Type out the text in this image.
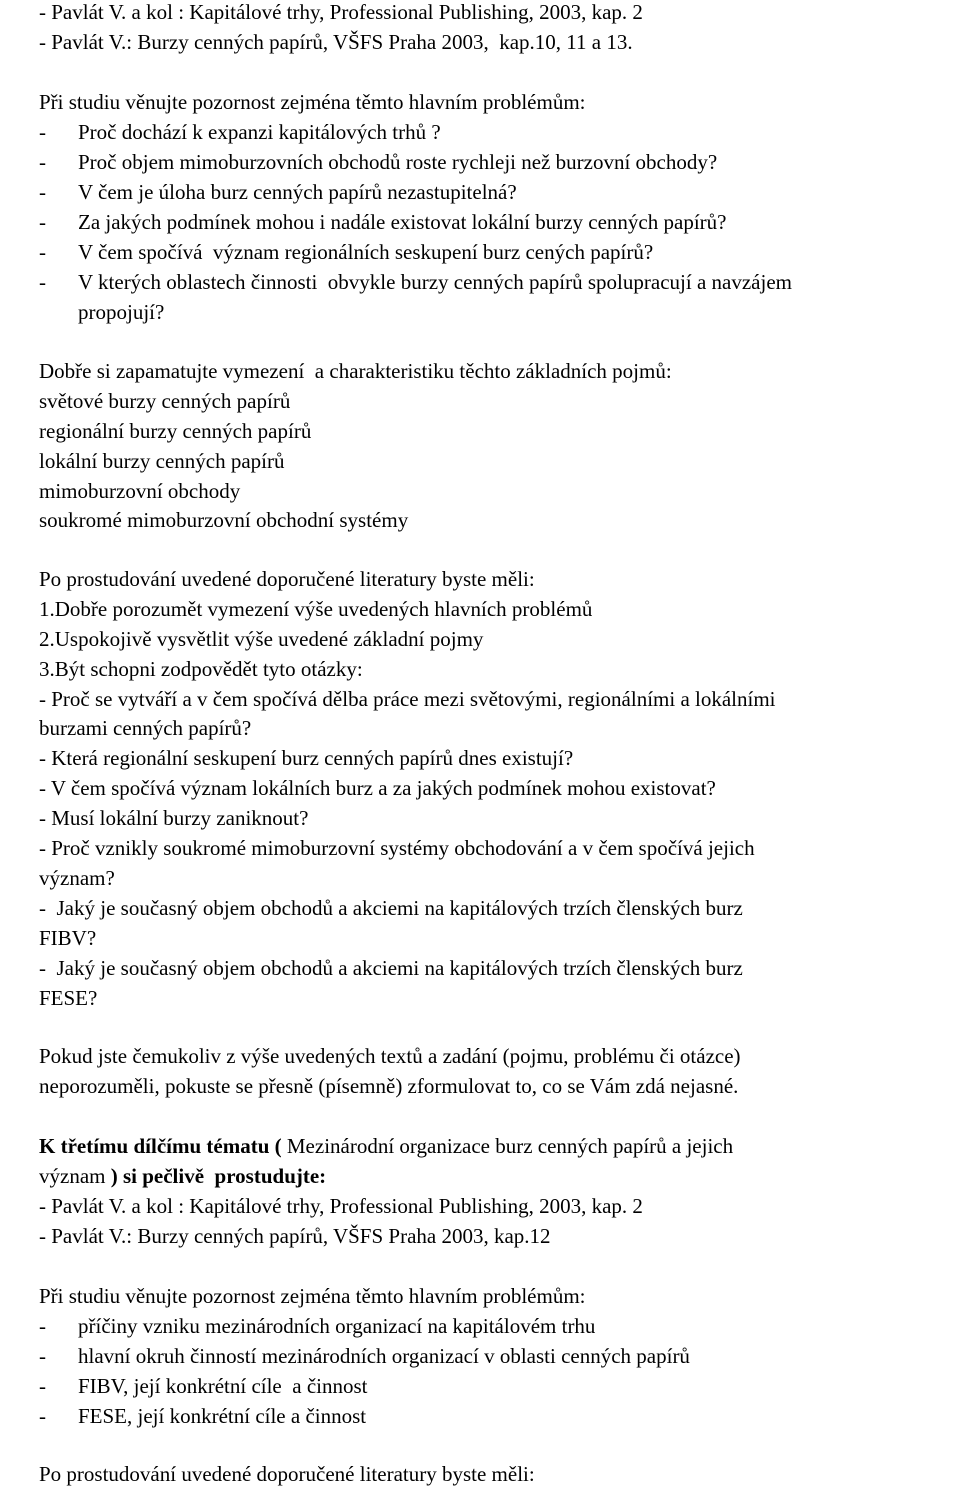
- Pavlát V. a kol : Kapitálové trhy, Professional Publishing, 2003, kap. 2
- Pavlát V.: Burzy cenných papírů, VŠFS Praha 2003,  kap.10, 11 a 13.
Při studiu věnujte pozornost zejména těmto hlavním problémům:
- Proč dochází k expanzi kapitálových trhů ?
- Proč objem mimoburzovních obchodů roste rychleji než burzovní obchody?
- V čem je úloha burz cenných papírů nezastupitelná?
- Za jakých podmínek mohou i nadále existovat lokální burzy cenných papírů?
- V čem spočívá  význam regionálních seskupení burz cených papírů?
- V kterých oblastech činnosti  obvykle burzy cenných papírů spolupracují a navzájem
propojují?
Dobře si zapamatujte vymezení  a charakteristiku těchto základních pojmů:
světové burzy cenných papírů
regionální burzy cenných papírů
lokální burzy cenných papírů
mimoburzovní obchody
soukromé mimoburzovní obchodní systémy
Po prostudování uvedené doporučené literatury byste měli:
1.Dobře porozumět vymezení výše uvedených hlavních problémů
2.Uspokojivě vysvětlit výše uvedené základní pojmy
3.Být schopni zodpovědět tyto otázky:
- Proč se vytváří a v čem spočívá dělba práce mezi světovými, regionálními a lokálními
burzami cenných papírů?
- Která regionální seskupení burz cenných papírů dnes existují?
- V čem spočívá význam lokálních burz a za jakých podmínek mohou existovat?
- Musí lokální burzy zaniknout?
- Proč vznikly soukromé mimoburzovní systémy obchodování a v čem spočívá jejich
význam?
-  Jaký je současný objem obchodů a akciemi na kapitálových trzích členských burz
FIBV?
-  Jaký je současný objem obchodů a akciemi na kapitálových trzích členských burz
FESE?
Pokud jste čemukoliv z výše uvedených textů a zadání (pojmu, problému či otázce)
neporozuměli, pokuste se přesně (písemně) zformulovat to, co se Vám zdá nejasné.
K třetímu dílčímu tématu ( Mezinárodní organizace burz cenných papírů a jejich
význam ) si pečlivě  prostudujte:
- Pavlát V. a kol : Kapitálové trhy, Professional Publishing, 2003, kap. 2
- Pavlát V.: Burzy cenných papírů, VŠFS Praha 2003, kap.12
Při studiu věnujte pozornost zejména těmto hlavním problémům:
- příčiny vzniku mezinárodních organizací na kapitálovém trhu
- hlavní okruh činností mezinárodních organizací v oblasti cenných papírů
- FIBV, její konkrétní cíle  a činnost
- FESE, její konkrétní cíle a činnost
Po prostudování uvedené doporučené literatury byste měli:
